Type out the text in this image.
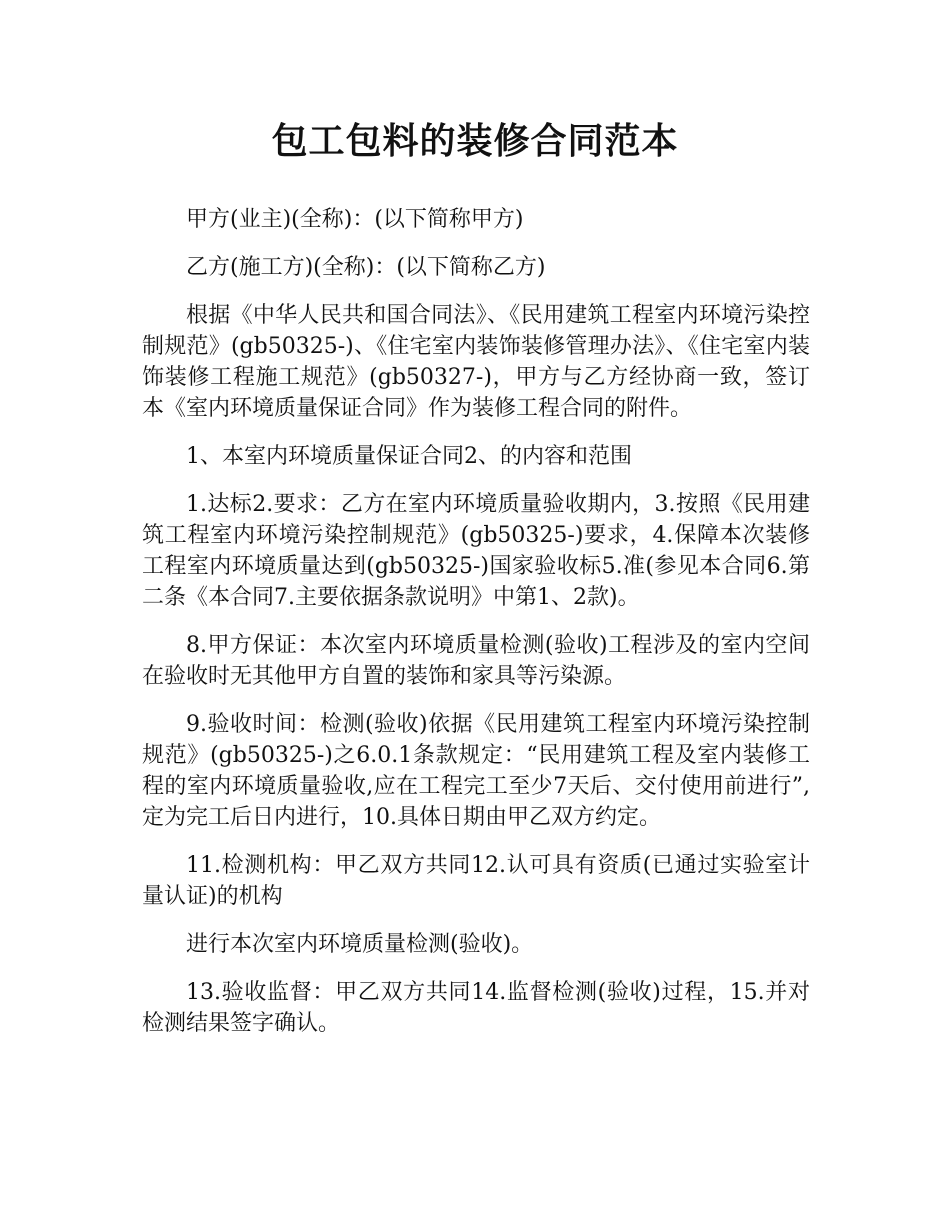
包工包料的装修合同范本

甲方(业主)(全称)：(以下简称甲方)

乙方(施工方)(全称)：(以下简称乙方)

根据《中华人民共和国合同法》、《民用建筑工程室内环境污染控制规范》(gb50325-)、《住宅室内装饰装修管理办法》、《住宅室内装饰装修工程施工规范》(gb50327-)，甲方与乙方经协商一致，签订本《室内环境质量保证合同》作为装修工程合同的附件。

1、本室内环境质量保证合同2、的内容和范围

1.达标2.要求：乙方在室内环境质量验收期内，3.按照《民用建筑工程室内环境污染控制规范》(gb50325-)要求，4.保障本次装修工程室内环境质量达到(gb50325-)国家验收标5.准(参见本合同6.第二条《本合同7.主要依据条款说明》中第1、2款)。

8.甲方保证：本次室内环境质量检测(验收)工程涉及的室内空间在验收时无其他甲方自置的装饰和家具等污染源。

9.验收时间：检测(验收)依据《民用建筑工程室内环境污染控制规范》(gb50325-)之6.0.1条款规定：“民用建筑工程及室内装修工程的室内环境质量验收,应在工程完工至少7天后、交付使用前进行”,定为完工后日内进行，10.具体日期由甲乙双方约定。

11.检测机构：甲乙双方共同12.认可具有资质(已通过实验室计量认证)的机构

进行本次室内环境质量检测(验收)。

13.验收监督：甲乙双方共同14.监督检测(验收)过程，15.并对检测结果签字确认。
